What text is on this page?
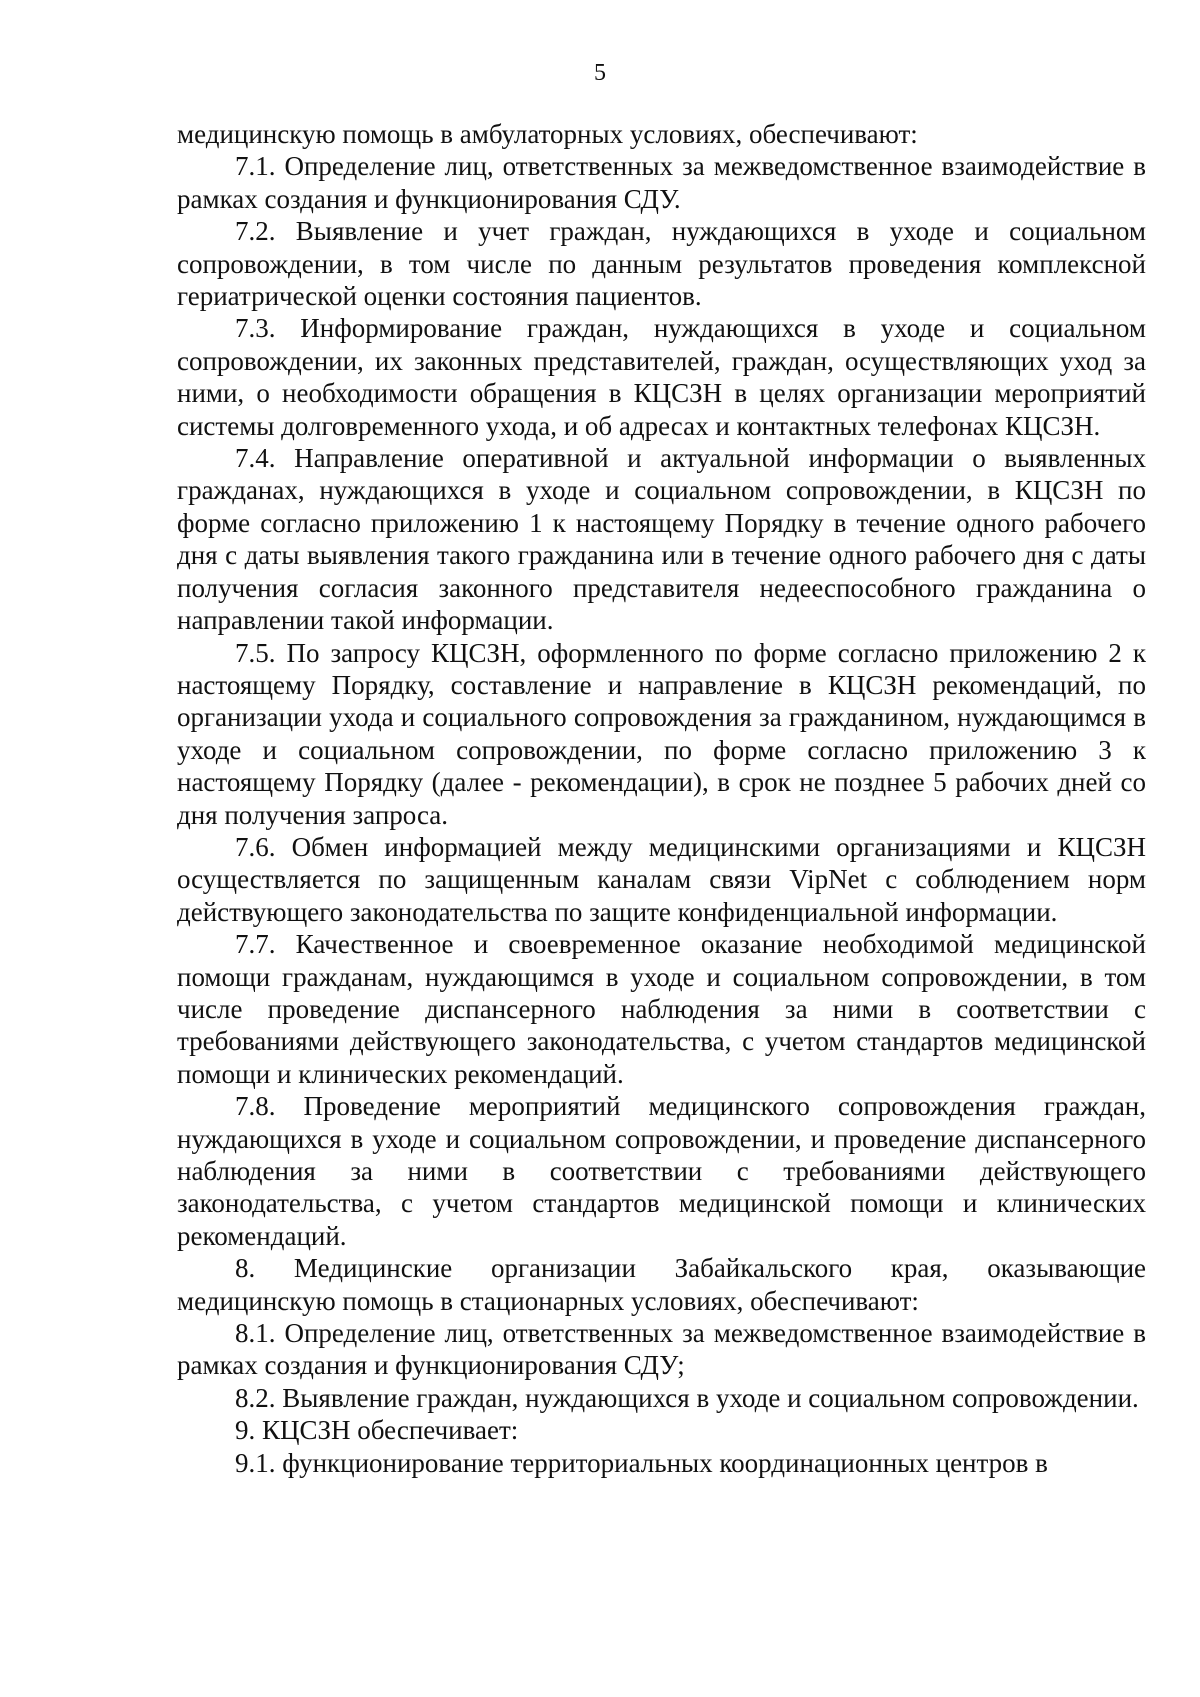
5

медицинскую помощь в амбулаторных условиях, обеспечивают:

7.1. Определение лиц, ответственных за межведомственное взаимодействие в рамках создания и функционирования СДУ.

7.2. Выявление и учет граждан, нуждающихся в уходе и социальном сопровождении, в том числе по данным результатов проведения комплексной гериатрической оценки состояния пациентов.

7.3. Информирование граждан, нуждающихся в уходе и социальном сопровождении, их законных представителей, граждан, осуществляющих уход за ними, о необходимости обращения в КЦСЗН в целях организации мероприятий системы долговременного ухода, и об адресах и контактных телефонах КЦСЗН.

7.4. Направление оперативной и актуальной информации о выявленных гражданах, нуждающихся в уходе и социальном сопровождении, в КЦСЗН по форме согласно приложению 1 к настоящему Порядку в течение одного рабочего дня с даты выявления такого гражданина или в течение одного рабочего дня с даты получения согласия законного представителя недееспособного гражданина о направлении такой информации.

7.5. По запросу КЦСЗН, оформленного по форме согласно приложению 2 к настоящему Порядку, составление и направление в КЦСЗН рекомендаций, по организации ухода и социального сопровождения за гражданином, нуждающимся в уходе и социальном сопровождении, по форме согласно приложению 3 к настоящему Порядку (далее - рекомендации), в срок не позднее 5 рабочих дней со дня получения запроса.

7.6. Обмен информацией между медицинскими организациями и КЦСЗН осуществляется по защищенным каналам связи VipNet с соблюдением норм действующего законодательства по защите конфиденциальной информации.

7.7. Качественное и своевременное оказание необходимой медицинской помощи гражданам, нуждающимся в уходе и социальном сопровождении, в том числе проведение диспансерного наблюдения за ними в соответствии с требованиями действующего законодательства, с учетом стандартов медицинской помощи и клинических рекомендаций.

7.8. Проведение мероприятий медицинского сопровождения граждан, нуждающихся в уходе и социальном сопровождении, и проведение диспансерного наблюдения за ними в соответствии с требованиями действующего законодательства, с учетом стандартов медицинской помощи и клинических рекомендаций.

8. Медицинские организации Забайкальского края, оказывающие медицинскую помощь в стационарных условиях, обеспечивают:

8.1. Определение лиц, ответственных за межведомственное взаимодействие в рамках создания и функционирования СДУ;

8.2. Выявление граждан, нуждающихся в уходе и социальном сопровождении.

9. КЦСЗН обеспечивает:

9.1. функционирование территориальных координационных центров в
